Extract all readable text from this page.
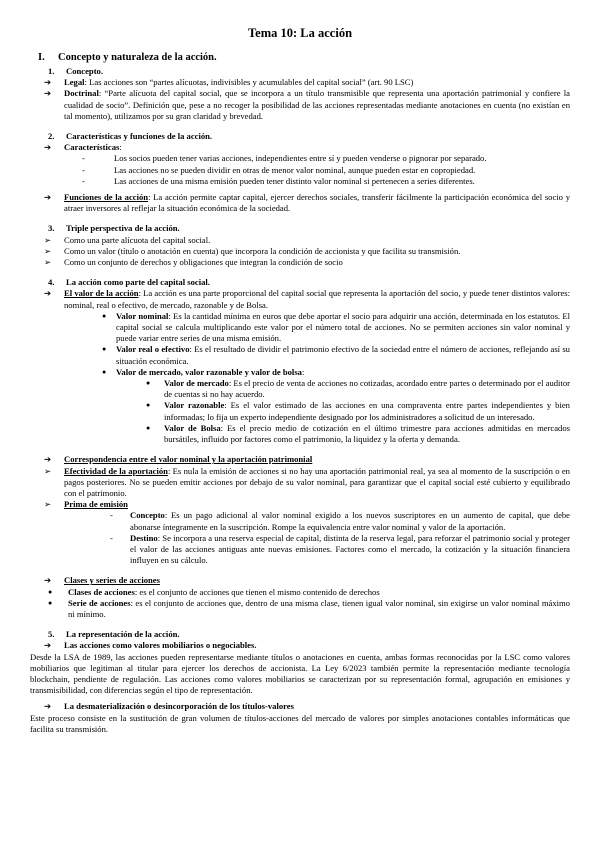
Tema 10: La acción
I. Concepto y naturaleza de la acción.
1. Concepto.
➔	Legal: Las acciones son “partes alícuotas, indivisibles y acumulables del capital social” (art. 90 LSC)
➔	Doctrinal: “Parte alícuota del capital social, que se incorpora a un título transmisible que representa una aportación patrimonial y confiere la cualidad de socio”. Definición que, pese a no recoger la posibilidad de las acciones representadas mediante anotaciones en cuenta (no existían en tal momento), utilizamos por su gran claridad y brevedad.
2. Características y funciones de la acción.
➔	Características:
- Los socios pueden tener varias acciones, independientes entre sí y pueden venderse o pignorar por separado.
- Las acciones no se pueden dividir en otras de menor valor nominal, aunque pueden estar en copropiedad.
- Las acciones de una misma emisión pueden tener distinto valor nominal si pertenecen a series diferentes.
➔	Funciones de la acción: La acción permite captar capital, ejercer derechos sociales, transferir fácilmente la participación económica del socio y atraer inversores al reflejar la situación económica de la sociedad.
3. Triple perspectiva de la acción.
➢	Como una parte alícuota del capital social.
➢	Como un valor (título o anotación en cuenta) que incorpora la condición de accionista y que facilita su transmisión.
➢	Como un conjunto de derechos y obligaciones que integran la condición de socio
4. La acción como parte del capital social.
➔	El valor de la acción: La acción es una parte proporcional del capital social que representa la aportación del socio, y puede tener distintos valores: nominal, real o efectivo, de mercado, razonable y de Bolsa.
● Valor nominal: Es la cantidad mínima en euros que debe aportar el socio para adquirir una acción, determinada en los estatutos. El capital social se calcula multiplicando este valor por el número total de acciones. No se permiten acciones sin valor nominal y puede variar entre series de una misma emisión.
● Valor real o efectivo: Es el resultado de dividir el patrimonio efectivo de la sociedad entre el número de acciones, reflejando así su situación económica.
● Valor de mercado, valor razonable y valor de bolsa:
● Valor de mercado: Es el precio de venta de acciones no cotizadas, acordado entre partes o determinado por el auditor de cuentas si no hay acuerdo.
● Valor razonable: Es el valor estimado de las acciones en una compraventa entre partes independientes y bien informadas; lo fija un experto independiente designado por los administradores a solicitud de un interesado.
● Valor de Bolsa: Es el precio medio de cotización en el último trimestre para acciones admitidas en mercados bursátiles, influido por factores como el patrimonio, la liquidez y la oferta y demanda.
➔	Correspondencia entre el valor nominal y la aportación patrimonial
➢	Efectividad de la aportación: Es nula la emisión de acciones si no hay una aportación patrimonial real, ya sea al momento de la suscripción o en pagos posteriores. No se pueden emitir acciones por debajo de su valor nominal, para garantizar que el capital social esté cubierto y equilibrado con el patrimonio.
➢	Prima de emisión
- Concepto: Es un pago adicional al valor nominal exigido a los nuevos suscriptores en un aumento de capital, que debe abonarse íntegramente en la suscripción. Rompe la equivalencia entre valor nominal y valor de la aportación.
- Destino: Se incorpora a una reserva especial de capital, distinta de la reserva legal, para reforzar el patrimonio social y proteger el valor de las acciones antiguas ante nuevas emisiones. Factores como el mercado, la cotización y la situación financiera influyen en su cálculo.
➔	Clases y series de acciones
● Clases de acciones: es el conjunto de acciones que tienen el mismo contenido de derechos
● Serie de acciones: es el conjunto de acciones que, dentro de una misma clase, tienen igual valor nominal, sin exigirse un valor nominal máximo ni mínimo.
5. La representación de la acción.
➔	Las acciones como valores mobiliarios o negociables.

Desde la LSA de 1989, las acciones pueden representarse mediante títulos o anotaciones en cuenta, ambas formas reconocidas por la LSC como valores mobiliarios que legitiman al titular para ejercer los derechos de accionista. La Ley 6/2023 también permite la representación mediante tecnología blockchain, pendiente de regulación. Las acciones como valores mobiliarios se caracterizan por su representación formal, agrupación en emisiones y transmisibilidad, con diferencias según el tipo de representación.

➔	La desmaterialización o desincorporación de los títulos-valores

Este proceso consiste en la sustitución de gran volumen de títulos-acciones del mercado de valores por simples anotaciones contables informáticas que facilita su transmisión.
